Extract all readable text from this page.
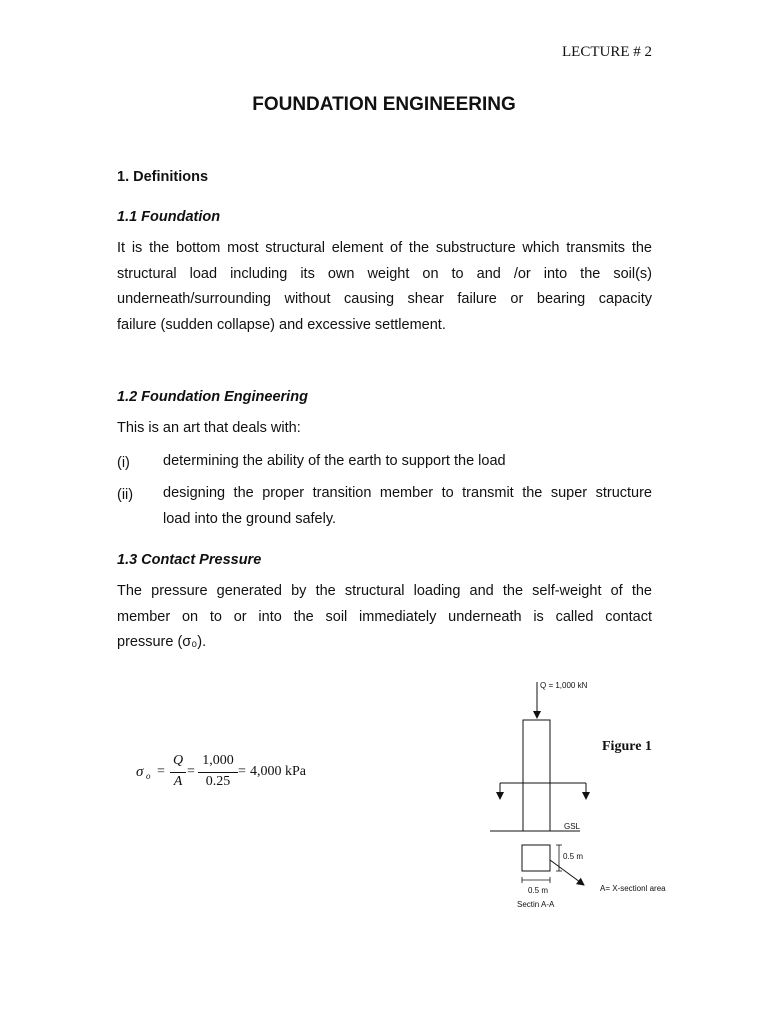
LECTURE # 2
FOUNDATION ENGINEERING
1. Definitions
1.1 Foundation
It is the bottom most structural element of the substructure which transmits the
structural load including its own weight on to and /or into the soil(s)
underneath/surrounding without causing shear failure or bearing capacity
failure (sudden collapse) and excessive settlement.
1.2 Foundation Engineering
This is an art that deals with:
(i) determining the ability of the earth to support the load
(ii) designing the proper transition member to transmit the super structure
load into the ground safely.
1.3 Contact Pressure
The pressure generated by the structural loading and the self-weight of the
member on to or into the soil immediately underneath is called contact
pressure (σ₀).
σ o =
Q
A
=
1,000
0.25
= 4,000 kPa
Q = 1,000 kN
GSL
0.5 m
0.5 m
Sectin A-A
A= X-sectionl area
Figure 1
